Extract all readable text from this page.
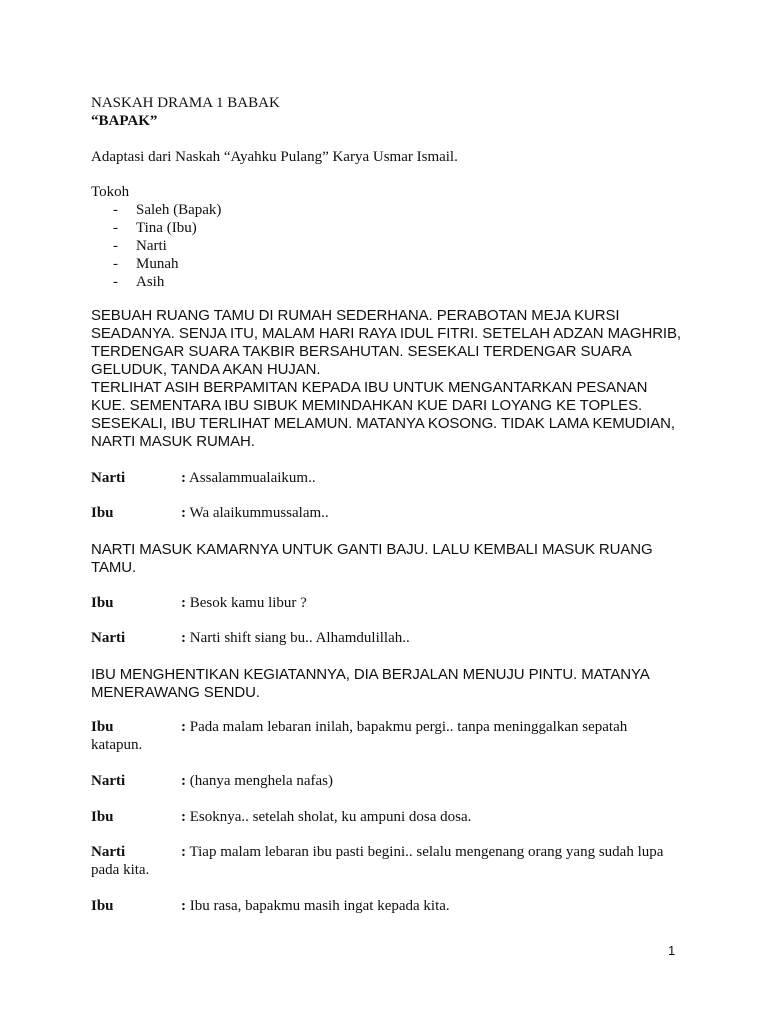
NASKAH DRAMA 1 BABAK
“BAPAK”
Adaptasi dari Naskah “Ayahku Pulang” Karya Usmar Ismail.
Tokoh
- Saleh (Bapak)
- Tina (Ibu)
- Narti
- Munah
- Asih
SEBUAH RUANG TAMU DI RUMAH SEDERHANA. PERABOTAN MEJA KURSI SEADANYA. SENJA ITU, MALAM HARI RAYA IDUL FITRI. SETELAH ADZAN MAGHRIB, TERDENGAR SUARA TAKBIR BERSAHUTAN. SESEKALI TERDENGAR SUARA GELUDUK, TANDA AKAN HUJAN.
TERLIHAT ASIH BERPAMITAN KEPADA IBU UNTUK MENGANTARKAN PESANAN KUE. SEMENTARA IBU SIBUK MEMINDAHKAN KUE DARI LOYANG KE TOPLES. SESEKALI, IBU TERLIHAT MELAMUN. MATANYA KOSONG. TIDAK LAMA KEMUDIAN, NARTI MASUK RUMAH.
Narti	: Assalammualaikum..
Ibu	: Wa alaikummussalam..
NARTI MASUK KAMARNYA UNTUK GANTI BAJU. LALU KEMBALI MASUK RUANG TAMU.
Ibu	: Besok kamu libur ?
Narti	: Narti shift siang bu.. Alhamdulillah..
IBU MENGHENTIKAN KEGIATANNYA, DIA BERJALAN MENUJU PINTU. MATANYA MENERAWANG SENDU.
Ibu	: Pada malam lebaran inilah, bapakmu pergi.. tanpa meninggalkan sepatah katapun.
Narti	: (hanya menghela nafas)
Ibu	: Esoknya.. setelah sholat, ku ampuni dosa dosa.
Narti	: Tiap malam lebaran ibu pasti begini.. selalu mengenang orang yang sudah lupa pada kita.
Ibu	: Ibu rasa, bapakmu masih ingat kepada kita.
1
